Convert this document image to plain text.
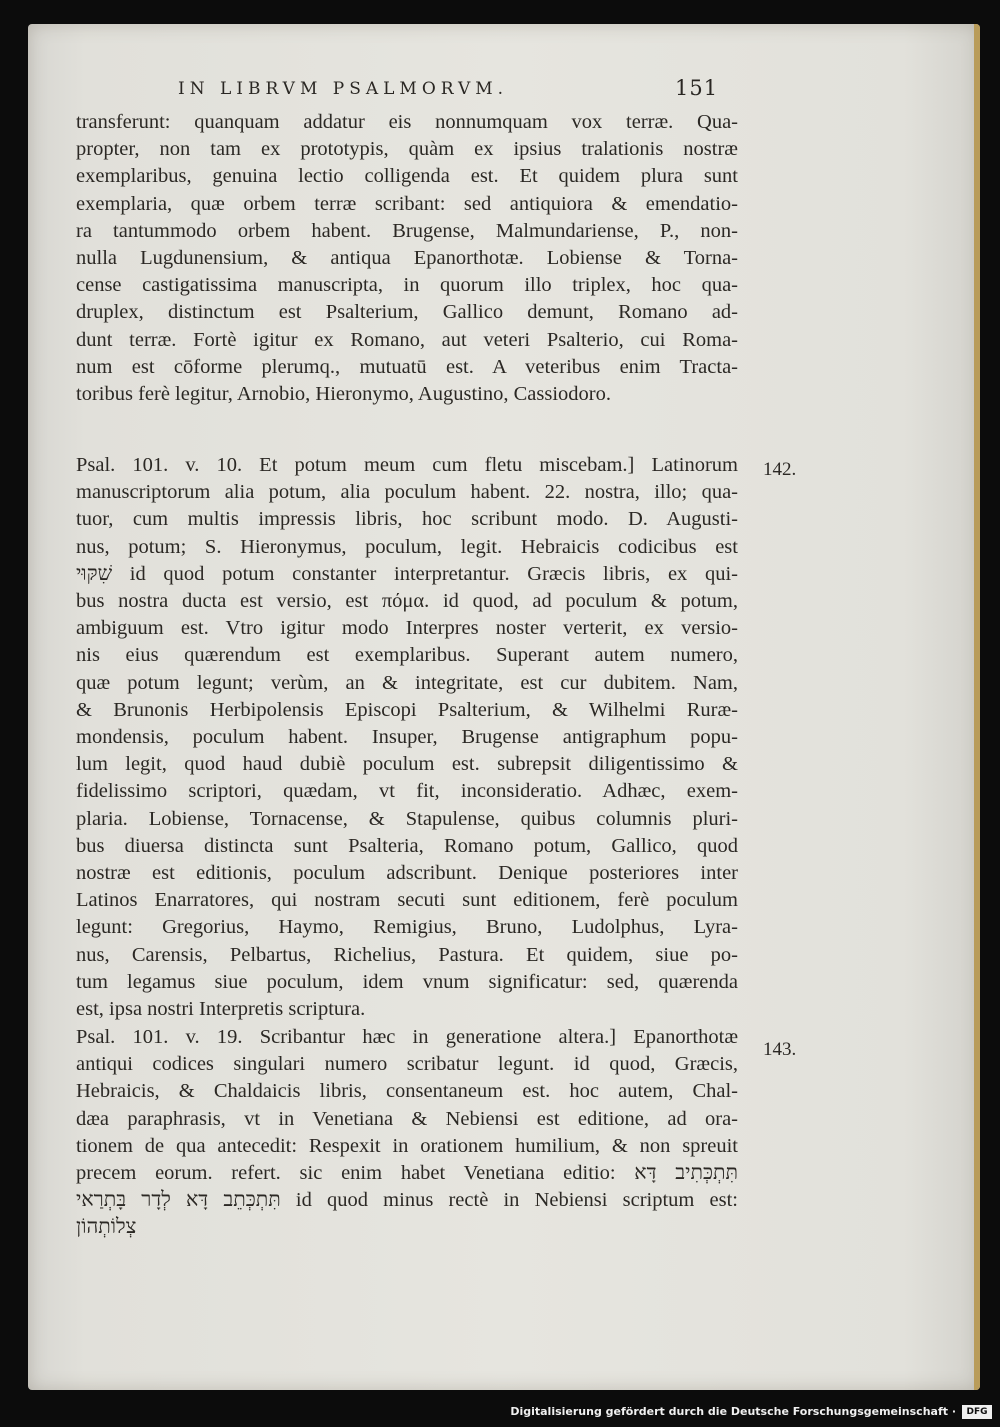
IN LIBRVM PSALMORVM.	151
transferunt: quanquam addatur eis nonnumquam vox terræ. Qua-
propter, non tam ex prototypis, quàm ex ipsius tralationis nostræ
exemplaribus, genuina lectio colligenda est. Et quidem plura sunt
exemplaria, quæ orbem terræ scribant: sed antiquiora & emendatio-
ra tantummodo orbem habent. Brugense, Malmundariense, P., non-
nulla Lugdunensium, & antiqua Epanorthotæ. Lobiense & Torna-
cense castigatissima manuscripta, in quorum illo triplex, hoc qua-
druplex, distinctum est Psalterium, Gallico demunt, Romano ad-
dunt terræ. Fortè igitur ex Romano, aut veteri Psalterio, cui Roma-
num est cōforme plerumq., mutuatū est. A veteribus enim Tracta-
toribus ferè legitur, Arnobio, Hieronymo, Augustino, Cassiodoro.
Psal. 101. v. 10. Et potum meum cum fletu miscebam.] Latinorum
manuscriptorum alia potum, alia poculum habent. 22. nostra, illo; qua-
tuor, cum multis impressis libris, hoc scribunt modo. D. Augusti-
nus, potum; S. Hieronymus, poculum, legit. Hebraicis codicibus est
שִׁקּוּי id quod potum constanter interpretantur. Græcis libris, ex qui-
bus nostra ducta est versio, est πόμα. id quod, ad poculum & potum,
ambiguum est. Vtro igitur modo Interpres noster verterit, ex versio-
nis eius quærendum est exemplaribus. Superant autem numero,
quæ potum legunt; verùm, an & integritate, est cur dubitem. Nam,
& Brunonis Herbipolensis Episcopi Psalterium, & Wilhelmi Ruræ-
mondensis, poculum habent. Insuper, Brugense antigraphum popu-
lum legit, quod haud dubiè poculum est. subrepsit diligentissimo &
fidelissimo scriptori, quædam, vt fit, inconsideratio. Adhæc, exem-
plaria. Lobiense, Tornacense, & Stapulense, quibus columnis pluri-
bus diuersa distincta sunt Psalteria, Romano potum, Gallico, quod
nostræ est editionis, poculum adscribunt. Denique posteriores inter
Latinos Enarratores, qui nostram secuti sunt editionem, ferè poculum
legunt: Gregorius, Haymo, Remigius, Bruno, Ludolphus, Lyra-
nus, Carensis, Pelbartus, Richelius, Pastura. Et quidem, siue po-
tum legamus siue poculum, idem vnum significatur: sed, quærenda
est, ipsa nostri Interpretis scriptura.
Psal. 101. v. 19. Scribantur hæc in generatione altera.] Epanorthotæ
antiqui codices singulari numero scribatur legunt. id quod, Græcis,
Hebraicis, & Chaldaicis libris, consentaneum est. hoc autem, Chal-
dæa paraphrasis, vt in Venetiana & Nebiensi est editione, ad ora-
tionem de qua antecedit: Respexit in orationem humilium, & non spreuit
precem eorum. refert. sic enim habet Venetiana editio: תִּתְכְּתִיב דָּא
תִּתְכְּתֵב דָּא לְדָר בָּתְרַאי id quod minus rectè in Nebiensi scriptum est:
צְלוֹתְהוֹן
142.
143.
Digitalisierung gefördert durch die Deutsche Forschungsgemeinschaft ·	DFG
